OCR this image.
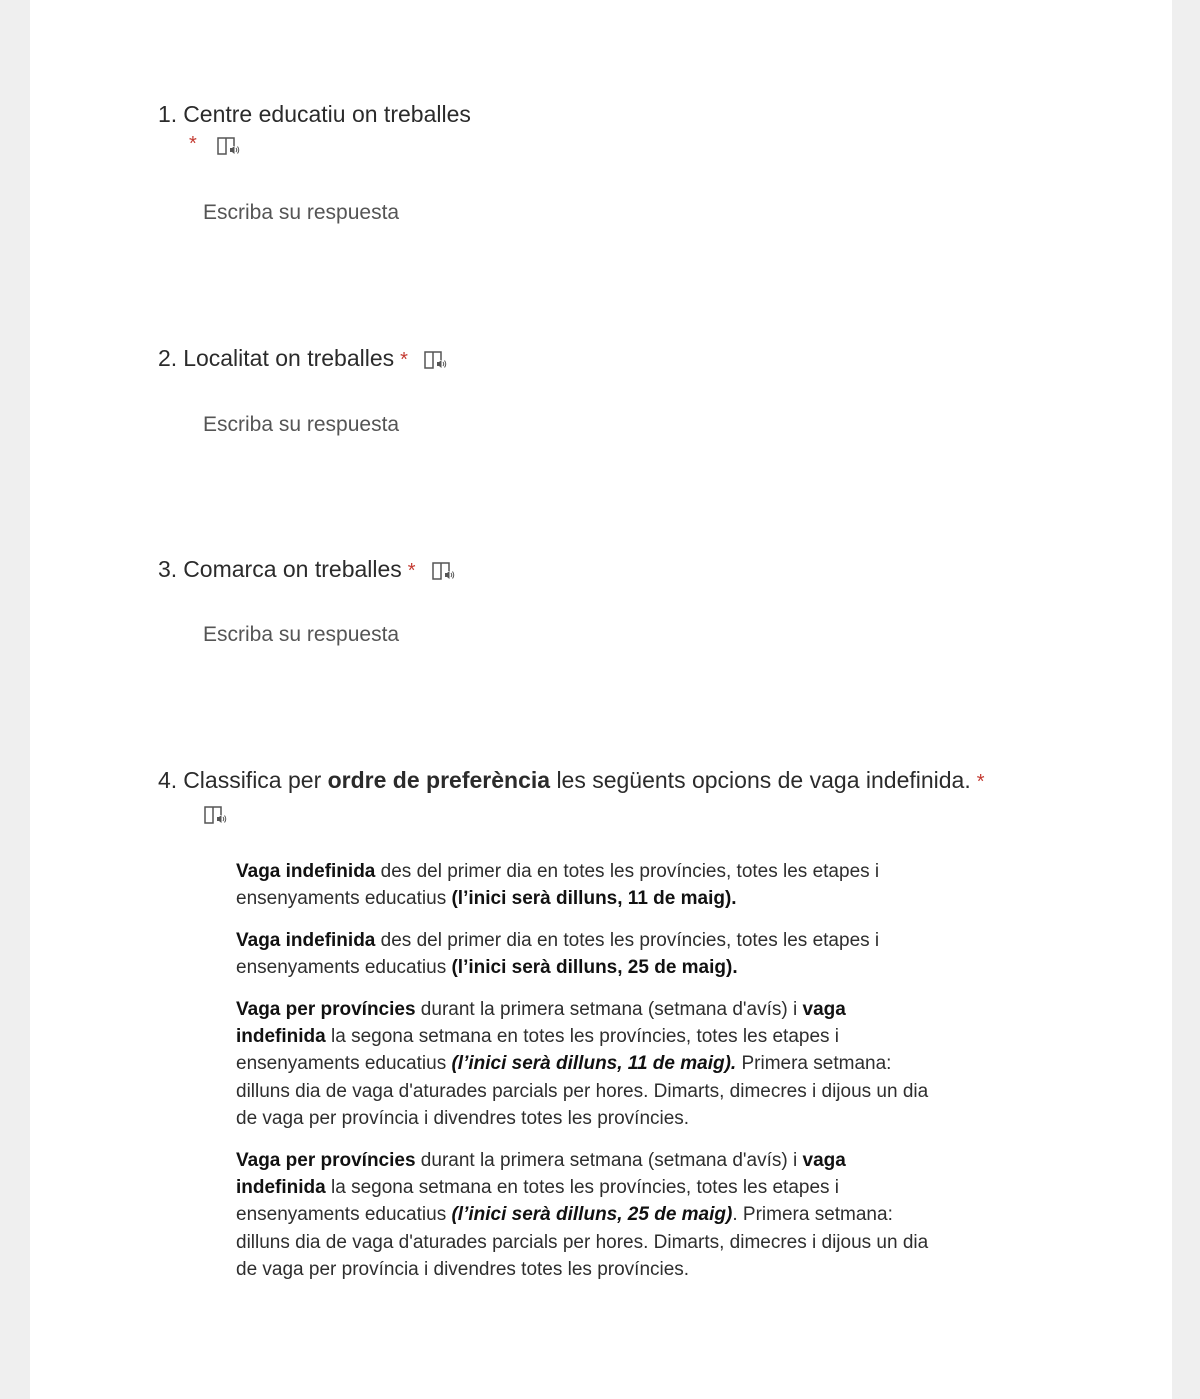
1. Centre educatiu on treballes
*
Escriba su respuesta
2. Localitat on treballes *
Escriba su respuesta
3. Comarca on treballes *
Escriba su respuesta
4. Classifica per ordre de preferència les següents opcions de vaga indefinida. *
Vaga indefinida des del primer dia en totes les províncies, totes les etapes i ensenyaments educatius (l’inici serà dilluns, 11 de maig).
Vaga indefinida des del primer dia en totes les províncies, totes les etapes i ensenyaments educatius (l’inici serà dilluns, 25 de maig).
Vaga per províncies durant la primera setmana (setmana d'avís) i vaga indefinida la segona setmana en totes les províncies, totes les etapes i ensenyaments educatius (l’inici serà dilluns, 11 de maig). Primera setmana: dilluns dia de vaga d'aturades parcials per hores. Dimarts, dimecres i dijous un dia de vaga per província i divendres totes les províncies.
Vaga per províncies durant la primera setmana (setmana d'avís) i vaga indefinida la segona setmana en totes les províncies, totes les etapes i ensenyaments educatius (l’inici serà dilluns, 25 de maig). Primera setmana: dilluns dia de vaga d'aturades parcials per hores. Dimarts, dimecres i dijous un dia de vaga per província i divendres totes les províncies.
